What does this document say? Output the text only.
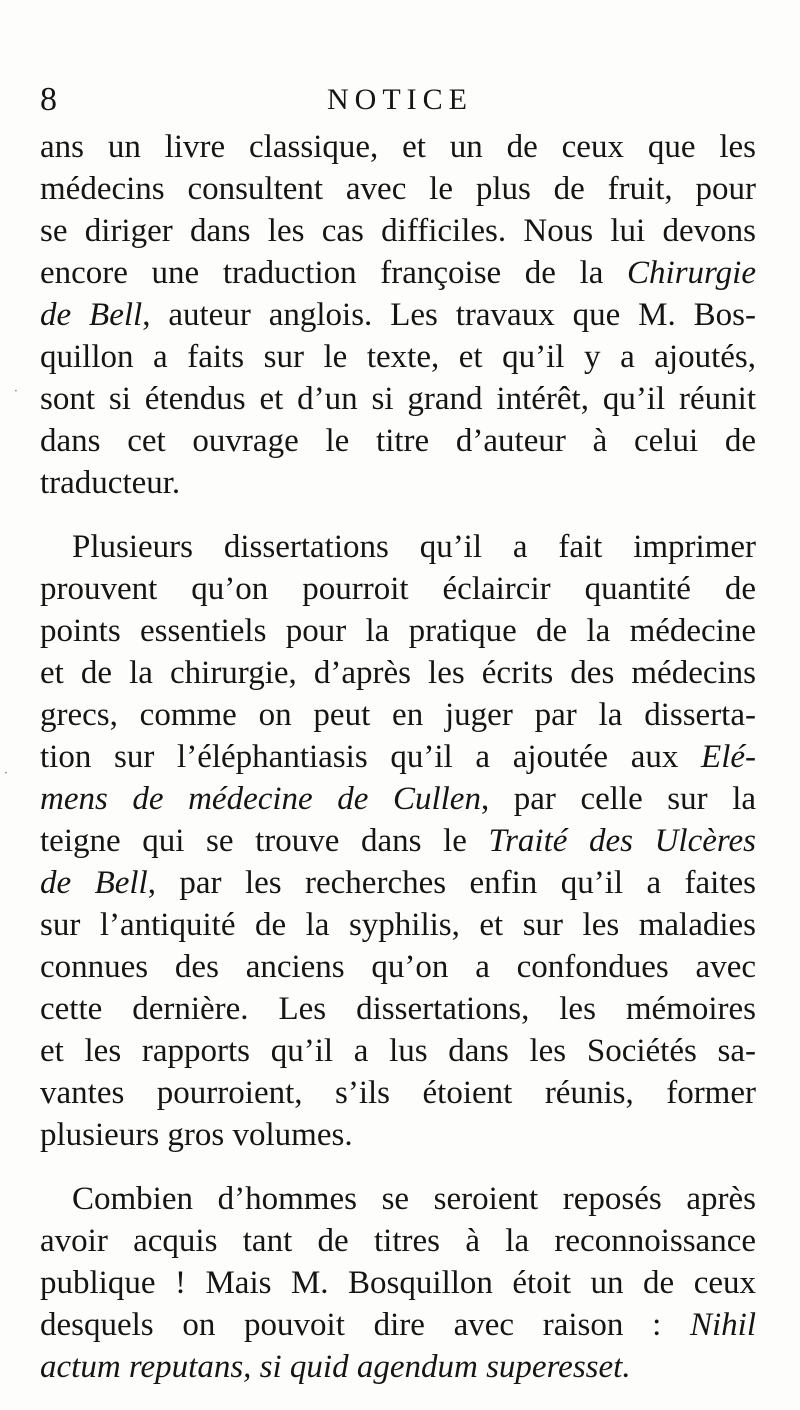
8	NOTICE
ans un livre classique, et un de ceux que les
médecins consultent avec le plus de fruit, pour
se diriger dans les cas difficiles. Nous lui devons
encore une traduction françoise de la Chirurgie
de Bell, auteur anglois. Les travaux que M. Bos-
quillon a faits sur le texte, et qu’il y a ajoutés,
sont si étendus et d’un si grand intérêt, qu’il réunit
dans cet ouvrage le titre d’auteur à celui de
traducteur.
Plusieurs dissertations qu’il a fait imprimer
prouvent qu’on pourroit éclaircir quantité de
points essentiels pour la pratique de la médecine
et de la chirurgie, d’après les écrits des médecins
grecs, comme on peut en juger par la disserta-
tion sur l’éléphantiasis qu’il a ajoutée aux Elé-
mens de médecine de Cullen, par celle sur la
teigne qui se trouve dans le Traité des Ulcères
de Bell, par les recherches enfin qu’il a faites
sur l’antiquité de la syphilis, et sur les maladies
connues des anciens qu’on a confondues avec
cette dernière. Les dissertations, les mémoires
et les rapports qu’il a lus dans les Sociétés sa-
vantes pourroient, s’ils étoient réunis, former
plusieurs gros volumes.
Combien d’hommes se seroient reposés après
avoir acquis tant de titres à la reconnoissance
publique ! Mais M. Bosquillon étoit un de ceux
desquels on pouvoit dire avec raison : Nihil
actum reputans, si quid agendum superesset.
·
·
